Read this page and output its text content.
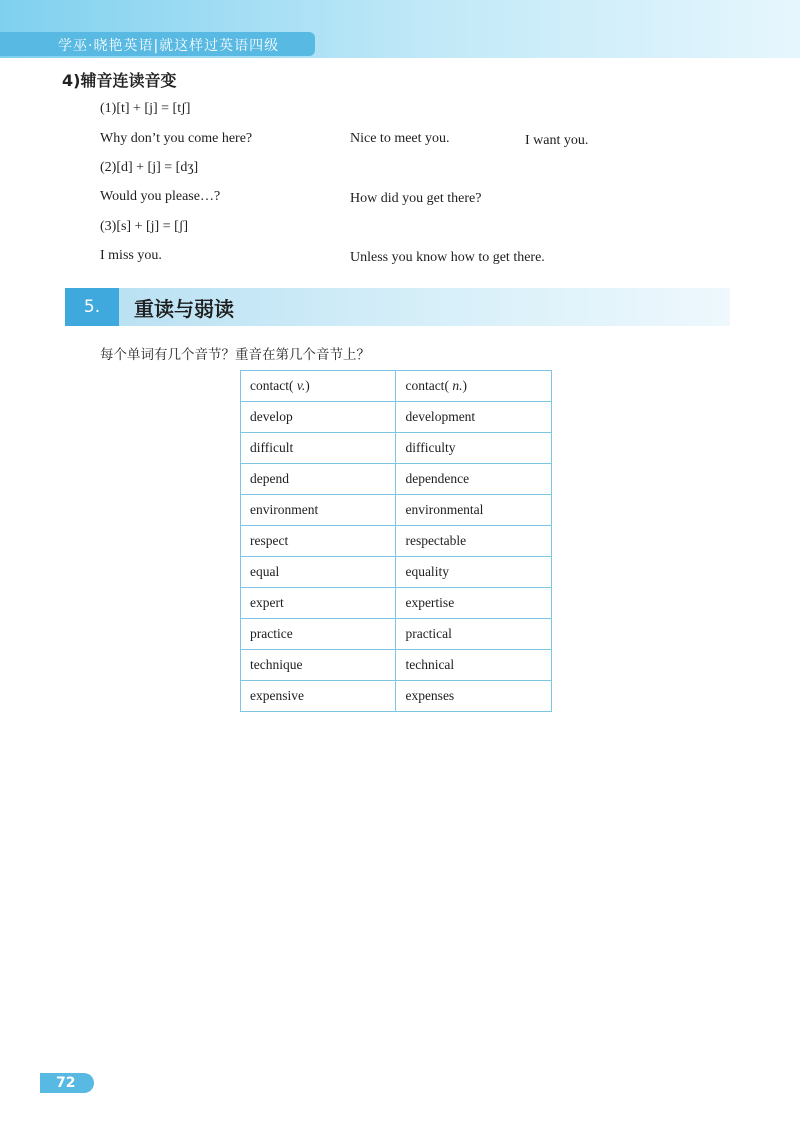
学巫·晓艳英语|就这样过英语四级
4)辅音连读音变
(1)[t] + [j] = [tʃ]
Why don’t you come here?	Nice to meet you.	I want you.
(2)[d] + [j] = [dʒ]
Would you please…?	How did you get there?
(3)[s] + [j] = [ʃ]
I miss you.	Unless you know how to get there.
5.	重读与弱读
每个单词有几个音节？重音在第几个音节上？
contact( v.)	contact( n.)
develop	development
difficult	difficulty
depend	dependence
environment	environmental
respect	respectable
equal	equality
expert	expertise
practice	practical
technique	technical
expensive	expenses
72
